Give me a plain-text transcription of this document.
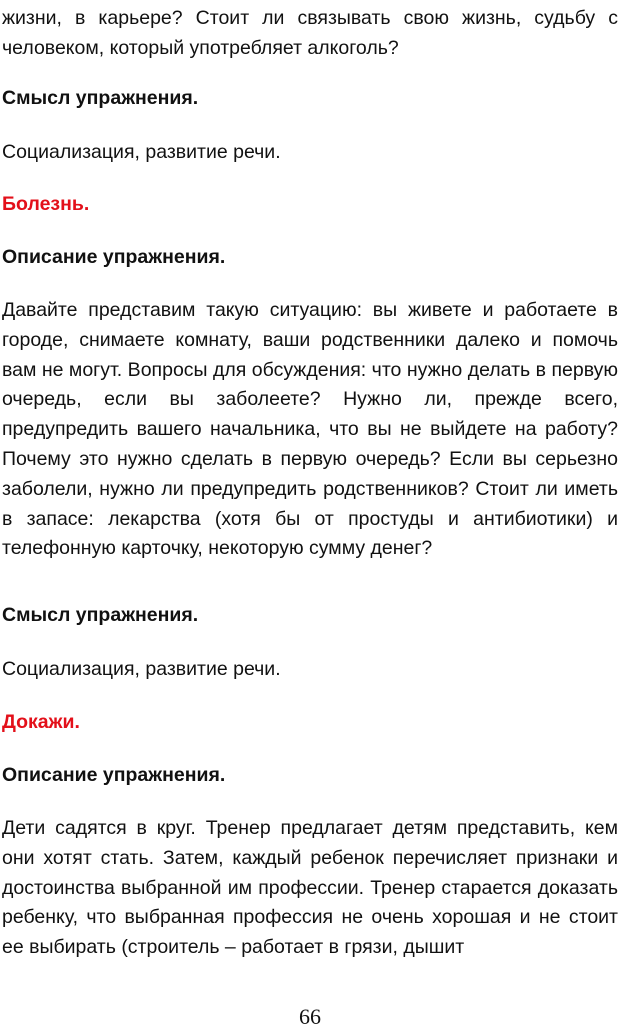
жизни, в карьере? Стоит ли связывать свою жизнь, судьбу с человеком, который употребляет алкоголь?

Смысл упражнения.

Социализация, развитие речи.

Болезнь.

Описание упражнения.

Давайте представим такую ситуацию: вы живете и работаете в городе, снимаете комнату, ваши родственники далеко и помочь вам не могут. Вопросы для обсуждения: что нужно делать в первую очередь, если вы заболеете? Нужно ли, прежде всего, предупредить вашего начальника, что вы не выйдете на работу? Почему это нужно сделать в первую очередь? Если вы серьезно заболели, нужно ли предупредить родственников? Стоит ли иметь в запасе: лекарства (хотя бы от простуды и антибиотики) и телефонную карточку, некоторую сумму денег?

Смысл упражнения.

Социализация, развитие речи.

Докажи.

Описание упражнения.

Дети садятся в круг. Тренер предлагает детям представить, кем они хотят стать. Затем, каждый ребенок перечисляет признаки и достоинства выбранной им профессии. Тренер старается доказать ребенку, что выбранная профессия не очень хорошая и не стоит ее выбирать (строитель – работает в грязи, дышит

66
